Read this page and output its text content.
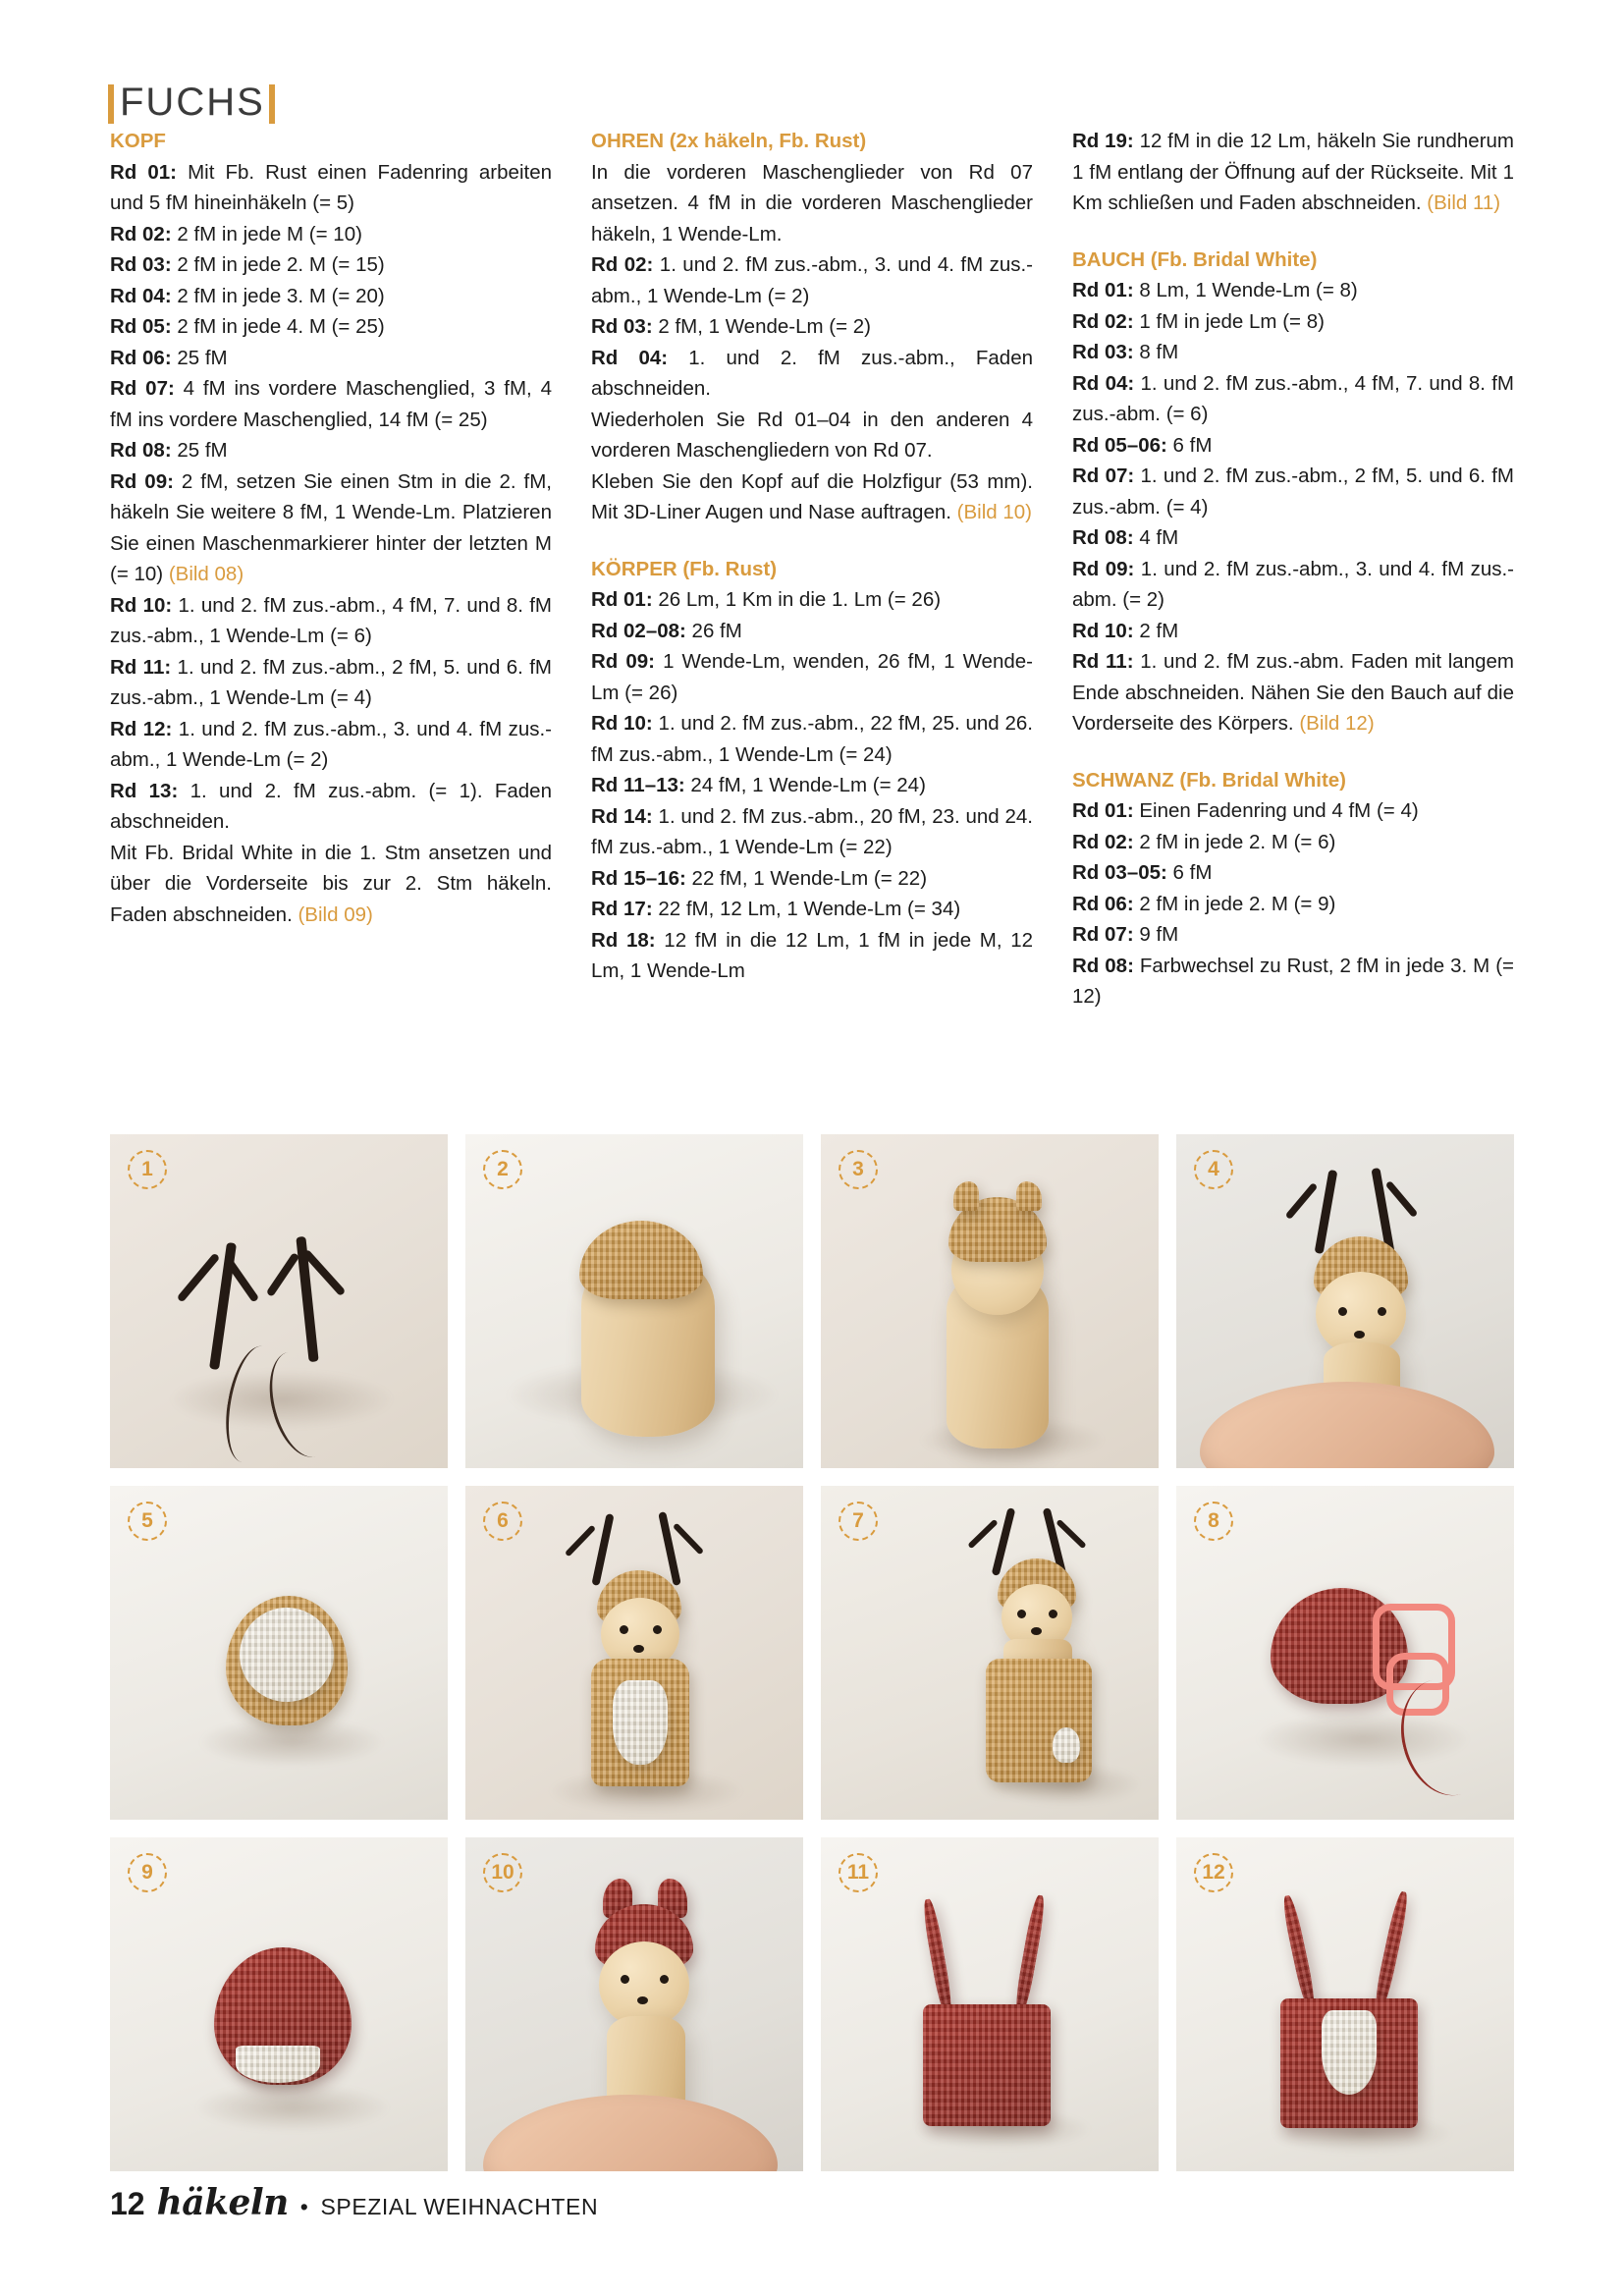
FUCHS

KOPF

Rd 01: Mit Fb. Rust einen Fadenring arbeiten und 5 fM hineinhäkeln (= 5)

Rd 02: 2 fM in jede M (= 10)

Rd 03: 2 fM in jede 2. M (= 15)

Rd 04: 2 fM in jede 3. M (= 20)

Rd 05: 2 fM in jede 4. M (= 25)

Rd 06: 25 fM

Rd 07: 4 fM ins vordere Maschenglied, 3 fM, 4 fM ins vordere Maschenglied, 14 fM (= 25)

Rd 08: 25 fM

Rd 09: 2 fM, setzen Sie einen Stm in die 2. fM, häkeln Sie weitere 8 fM, 1 Wende-Lm. Platzieren Sie einen Maschenmarkierer hinter der letzten M (= 10) (Bild 08)

Rd 10: 1. und 2. fM zus.-abm., 4 fM, 7. und 8. fM zus.-abm., 1 Wende-Lm (= 6)

Rd 11: 1. und 2. fM zus.-abm., 2 fM, 5. und 6. fM zus.-abm., 1 Wende-Lm (= 4)

Rd 12: 1. und 2. fM zus.-abm., 3. und 4. fM zus.-abm., 1 Wende-Lm (= 2)

Rd 13: 1. und 2. fM zus.-abm. (= 1). Faden abschneiden.

Mit Fb. Bridal White in die 1. Stm ansetzen und über die Vorderseite bis zur 2. Stm häkeln. Faden abschneiden. (Bild 09)

OHREN (2x häkeln, Fb. Rust)

In die vorderen Maschenglieder von Rd 07 ansetzen. 4 fM in die vorderen Maschenglieder häkeln, 1 Wende-Lm.

Rd 02: 1. und 2. fM zus.-abm., 3. und 4. fM zus.-abm., 1 Wende-Lm (= 2)

Rd 03: 2 fM, 1 Wende-Lm (= 2)

Rd 04: 1. und 2. fM zus.-abm., Faden abschneiden.

Wiederholen Sie Rd 01–04 in den anderen 4 vorderen Maschengliedern von Rd 07.

Kleben Sie den Kopf auf die Holzfigur (53 mm). Mit 3D-Liner Augen und Nase auftragen. (Bild 10)

KÖRPER (Fb. Rust)

Rd 01: 26 Lm, 1 Km in die 1. Lm (= 26)

Rd 02–08: 26 fM

Rd 09: 1 Wende-Lm, wenden, 26 fM, 1 Wende-Lm (= 26)

Rd 10: 1. und 2. fM zus.-abm., 22 fM, 25. und 26. fM zus.-abm., 1 Wende-Lm (= 24)

Rd 11–13: 24 fM, 1 Wende-Lm (= 24)

Rd 14: 1. und 2. fM zus.-abm., 20 fM, 23. und 24. fM zus.-abm., 1 Wende-Lm (= 22)

Rd 15–16: 22 fM, 1 Wende-Lm (= 22)

Rd 17: 22 fM, 12 Lm, 1 Wende-Lm (= 34)

Rd 18: 12 fM in die 12 Lm, 1 fM in jede M, 12 Lm, 1 Wende-Lm

Rd 19: 12 fM in die 12 Lm, häkeln Sie rundherum 1 fM entlang der Öffnung auf der Rückseite. Mit 1 Km schließen und Faden abschneiden. (Bild 11)

BAUCH (Fb. Bridal White)

Rd 01: 8 Lm, 1 Wende-Lm (= 8)

Rd 02: 1 fM in jede Lm (= 8)

Rd 03: 8 fM

Rd 04: 1. und 2. fM zus.-abm., 4 fM, 7. und 8. fM zus.-abm. (= 6)

Rd 05–06: 6 fM

Rd 07: 1. und 2. fM zus.-abm., 2 fM, 5. und 6. fM zus.-abm. (= 4)

Rd 08: 4 fM

Rd 09: 1. und 2. fM zus.-abm., 3. und 4. fM zus.-abm. (= 2)

Rd 10: 2 fM

Rd 11: 1. und 2. fM zus.-abm. Faden mit langem Ende abschneiden. Nähen Sie den Bauch auf die Vorderseite des Körpers. (Bild 12)

SCHWANZ (Fb. Bridal White)

Rd 01: Einen Fadenring und 4 fM (= 4)

Rd 02: 2 fM in jede 2. M (= 6)

Rd 03–05: 6 fM

Rd 06: 2 fM in jede 2. M (= 9)

Rd 07: 9 fM

Rd 08: Farbwechsel zu Rust, 2 fM in jede 3. M (= 12)

1	2	3	4
5	6	7	8
9	10	11	12
12 häkeln • SPEZIAL WEIHNACHTEN
